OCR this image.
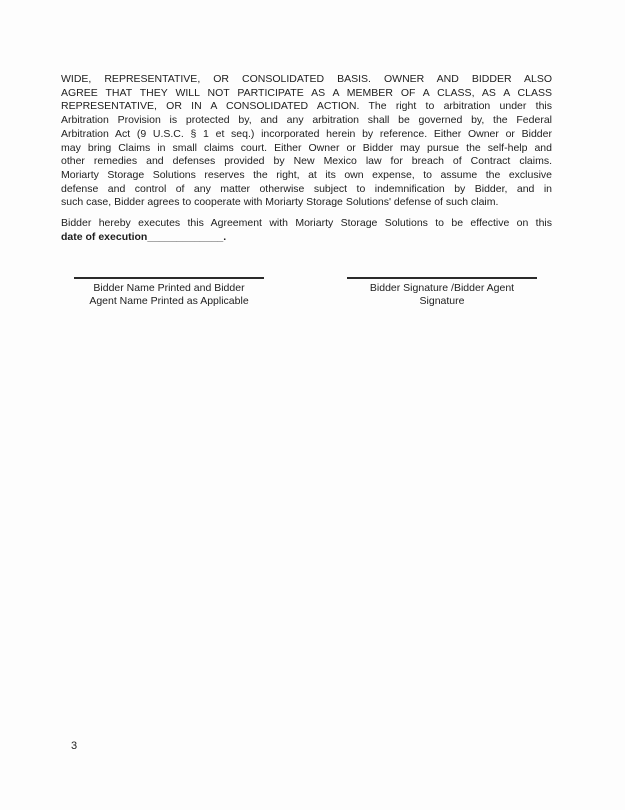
WIDE, REPRESENTATIVE, OR CONSOLIDATED BASIS. OWNER AND BIDDER ALSO
AGREE THAT THEY WILL NOT PARTICIPATE AS A MEMBER OF A CLASS, AS A CLASS
REPRESENTATIVE, OR IN A CONSOLIDATED ACTION. The right to arbitration under this
Arbitration Provision is protected by, and any arbitration shall be governed by, the Federal
Arbitration Act (9 U.S.C. § 1 et seq.) incorporated herein by reference. Either Owner or Bidder
may bring Claims in small claims court. Either Owner or Bidder may pursue the self-help and
other remedies and defenses provided by New Mexico law for breach of Contract claims.
Moriarty Storage Solutions reserves the right, at its own expense, to assume the exclusive
defense and control of any matter otherwise subject to indemnification by Bidder, and in
such case, Bidder agrees to cooperate with Moriarty Storage Solutions' defense of such claim.
Bidder hereby executes this Agreement with Moriarty Storage Solutions to be effective on this
date of execution_____________.
Bidder Name Printed and Bidder
Agent Name Printed as Applicable
Bidder Signature /Bidder Agent
Signature
3
